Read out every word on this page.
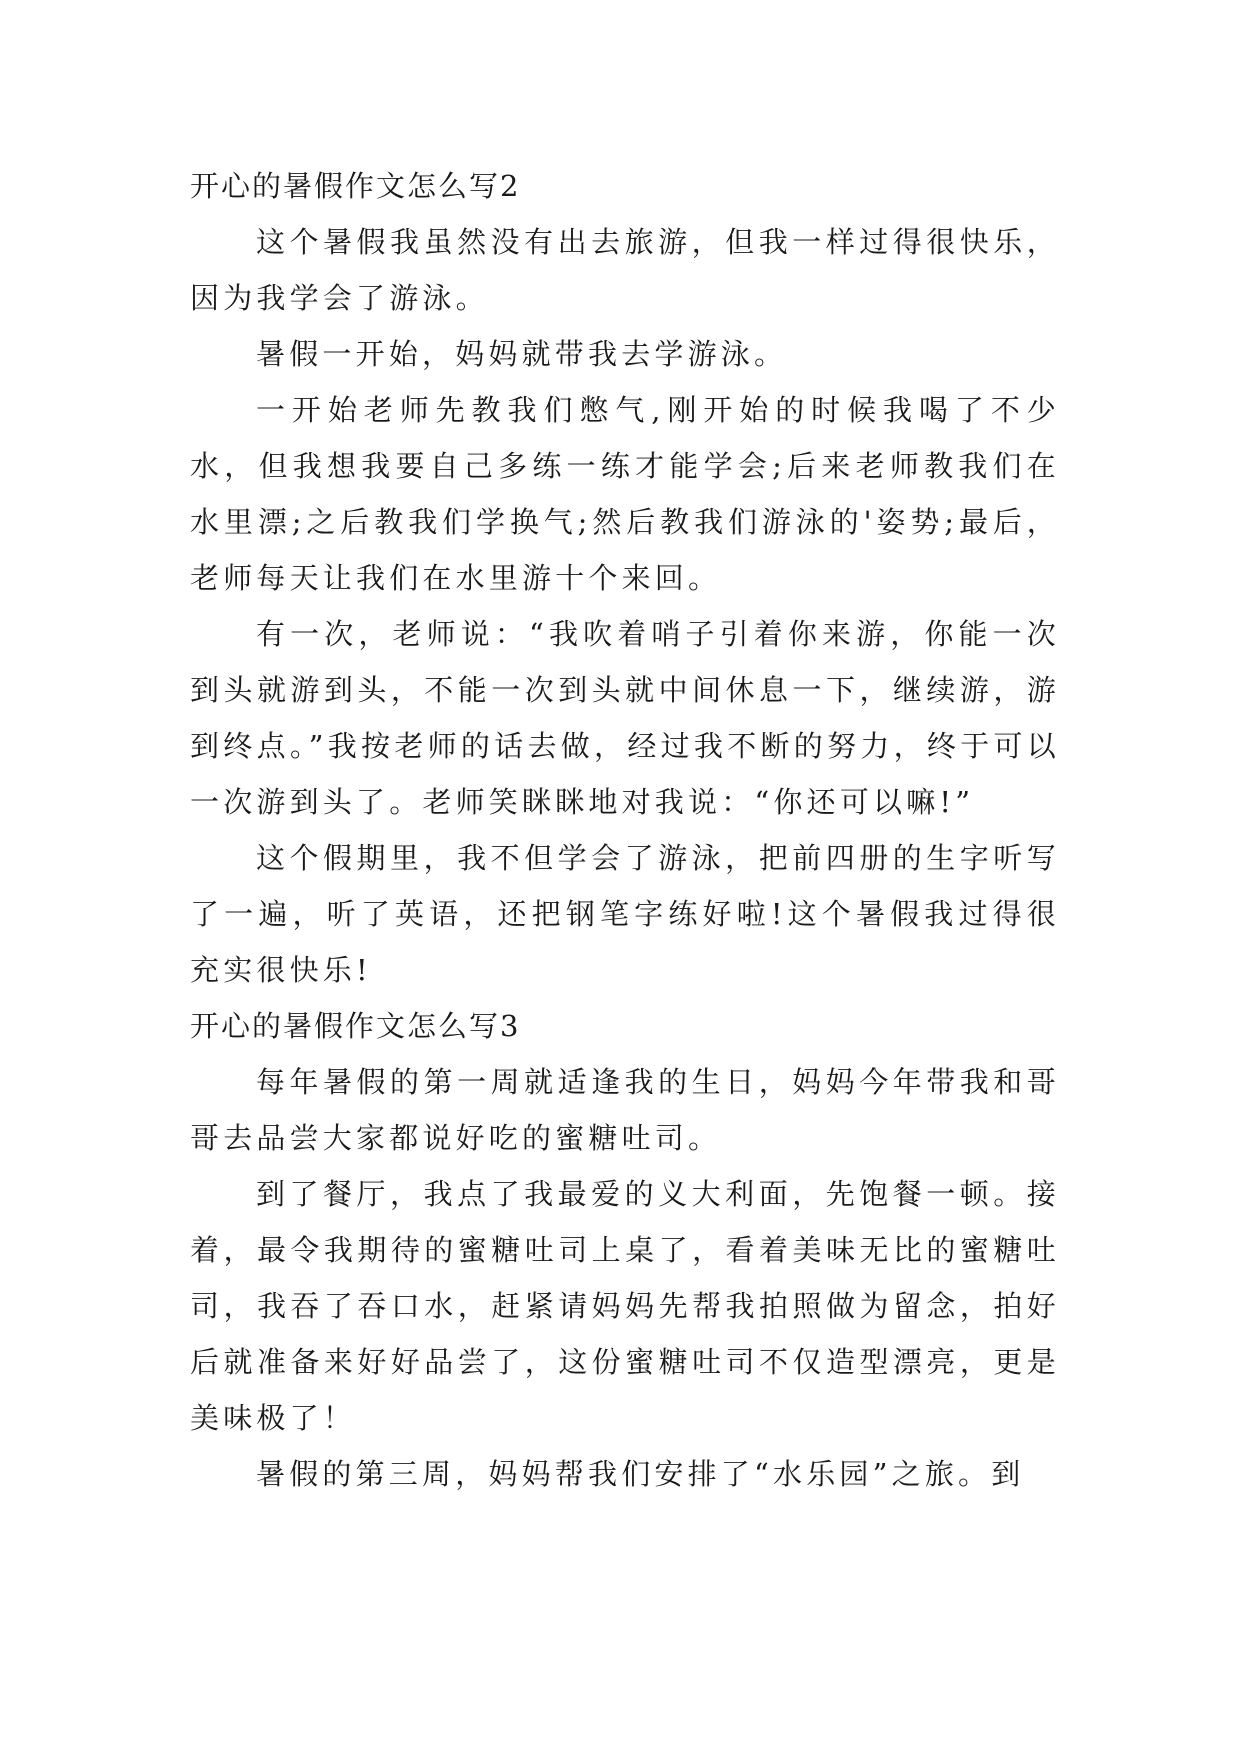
开心的暑假作文怎么写2

这个暑假我虽然没有出去旅游，但我一样过得很快乐，因为我学会了游泳。

暑假一开始，妈妈就带我去学游泳。

一开始老师先教我们憋气,刚开始的时候我喝了不少水，但我想我要自己多练一练才能学会;后来老师教我们在水里漂;之后教我们学换气;然后教我们游泳的'姿势;最后，老师每天让我们在水里游十个来回。

有一次，老师说：“我吹着哨子引着你来游，你能一次到头就游到头，不能一次到头就中间休息一下，继续游，游到终点。”我按老师的话去做，经过我不断的努力，终于可以一次游到头了。老师笑眯眯地对我说：“你还可以嘛!”

这个假期里，我不但学会了游泳，把前四册的生字听写了一遍，听了英语，还把钢笔字练好啦!这个暑假我过得很充实很快乐!

开心的暑假作文怎么写3

每年暑假的第一周就适逢我的生日，妈妈今年带我和哥哥去品尝大家都说好吃的蜜糖吐司。

到了餐厅，我点了我最爱的义大利面，先饱餐一顿。接着，最令我期待的蜜糖吐司上桌了，看着美味无比的蜜糖吐司，我吞了吞口水，赶紧请妈妈先帮我拍照做为留念，拍好后就准备来好好品尝了，这份蜜糖吐司不仅造型漂亮，更是美味极了！

暑假的第三周，妈妈帮我们安排了“水乐园”之旅。到
